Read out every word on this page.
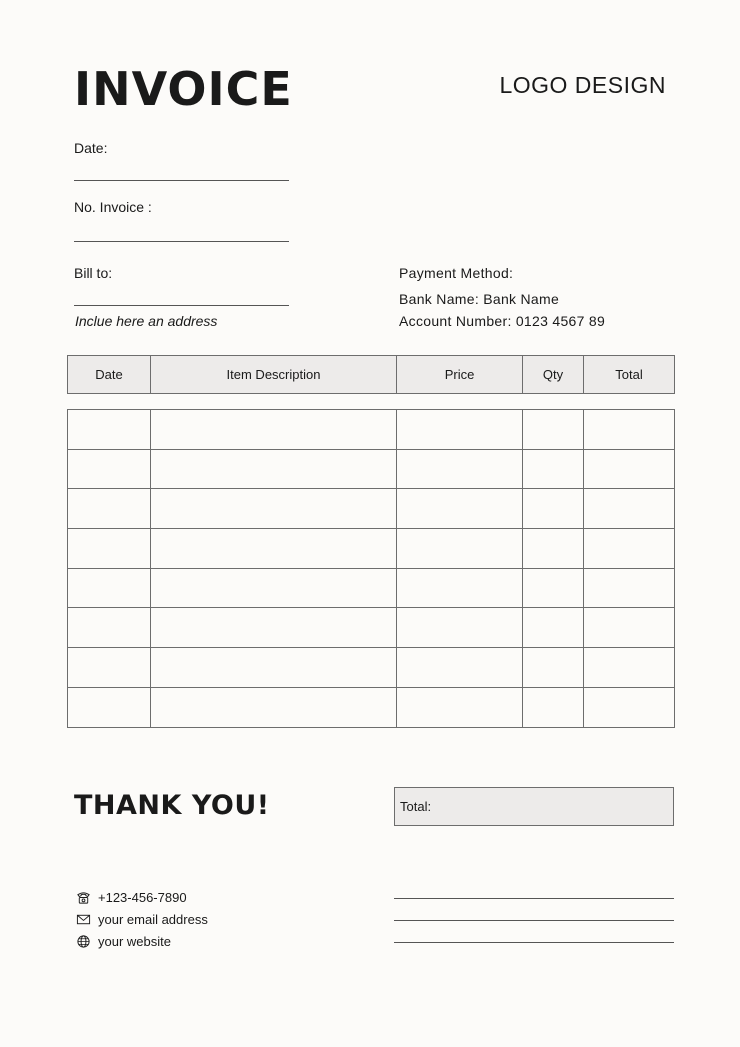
INVOICE	LOGO DESIGN
Date:
No. Invoice :
Bill to:
Inclue here an address
Payment Method:
Bank Name: Bank Name
Account Number: 0123 4567 89
Date	Item Description	Price	Qty	Total

THANK YOU!	Total:
+123-456-7890
your email address
your website
